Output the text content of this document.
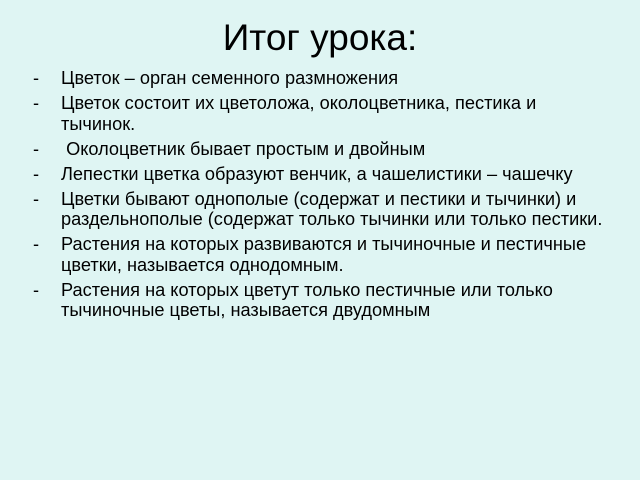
Итог урока:
- Цветок – орган семенного размножения
- Цветок состоит их цветоложа, околоцветника, пестика и тычинок.
- Околоцветник бывает простым и двойным
- Лепестки цветка образуют венчик, а чашелистики – чашечку
- Цветки бывают однополые (содержат и пестики и тычинки) и раздельнополые (содержат только тычинки или только пестики.
- Растения на которых развиваются и тычиночные и пестичные цветки, называется однодомным.
- Растения на которых цветут только пестичные или только тычиночные цветы, называется двудомным
